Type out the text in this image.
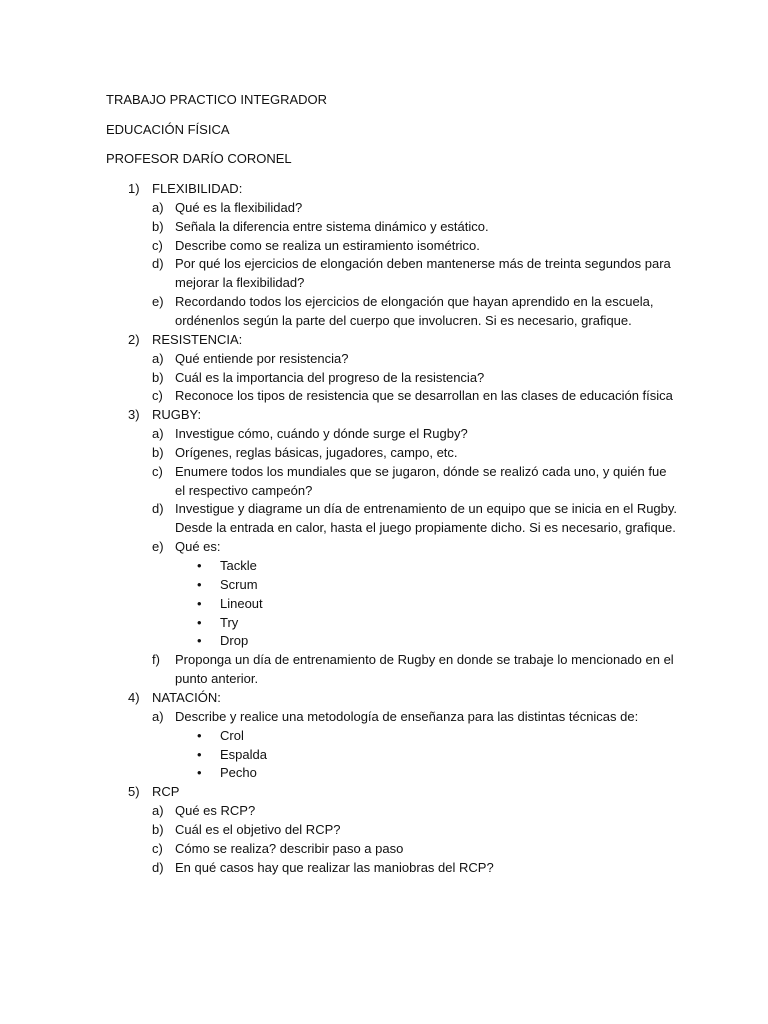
TRABAJO PRACTICO INTEGRADOR
EDUCACIÓN FÍSICA
PROFESOR DARÍO CORONEL
1) FLEXIBILIDAD:
a) Qué es la flexibilidad?
b) Señala la diferencia entre sistema dinámico y estático.
c) Describe como se realiza un estiramiento isométrico.
d) Por qué los ejercicios de elongación deben mantenerse más de treinta segundos para
mejorar la flexibilidad?
e) Recordando todos los ejercicios de elongación que hayan aprendido en la escuela,
ordénenlos según la parte del cuerpo que involucren. Si es necesario, grafique.
2) RESISTENCIA:
a) Qué entiende por resistencia?
b) Cuál es la importancia del progreso de la resistencia?
c) Reconoce los tipos de resistencia que se desarrollan en las clases de educación física
3) RUGBY:
a) Investigue cómo, cuándo y dónde surge el Rugby?
b) Orígenes, reglas básicas, jugadores, campo, etc.
c) Enumere todos los mundiales que se jugaron, dónde se realizó cada uno, y quién fue
el respectivo campeón?
d) Investigue y diagrame un día de entrenamiento de un equipo que se inicia en el Rugby.
Desde la entrada en calor, hasta el juego propiamente dicho. Si es necesario, grafique.
e) Qué es:
• Tackle
• Scrum
• Lineout
• Try
• Drop
f) Proponga un día de entrenamiento de Rugby en donde se trabaje lo mencionado en el
punto anterior.
4) NATACIÓN:
a) Describe y realice una metodología de enseñanza para las distintas técnicas de:
• Crol
• Espalda
• Pecho
5) RCP
a) Qué es RCP?
b) Cuál es el objetivo del RCP?
c) Cómo se realiza? describir paso a paso
d) En qué casos hay que realizar las maniobras del RCP?
